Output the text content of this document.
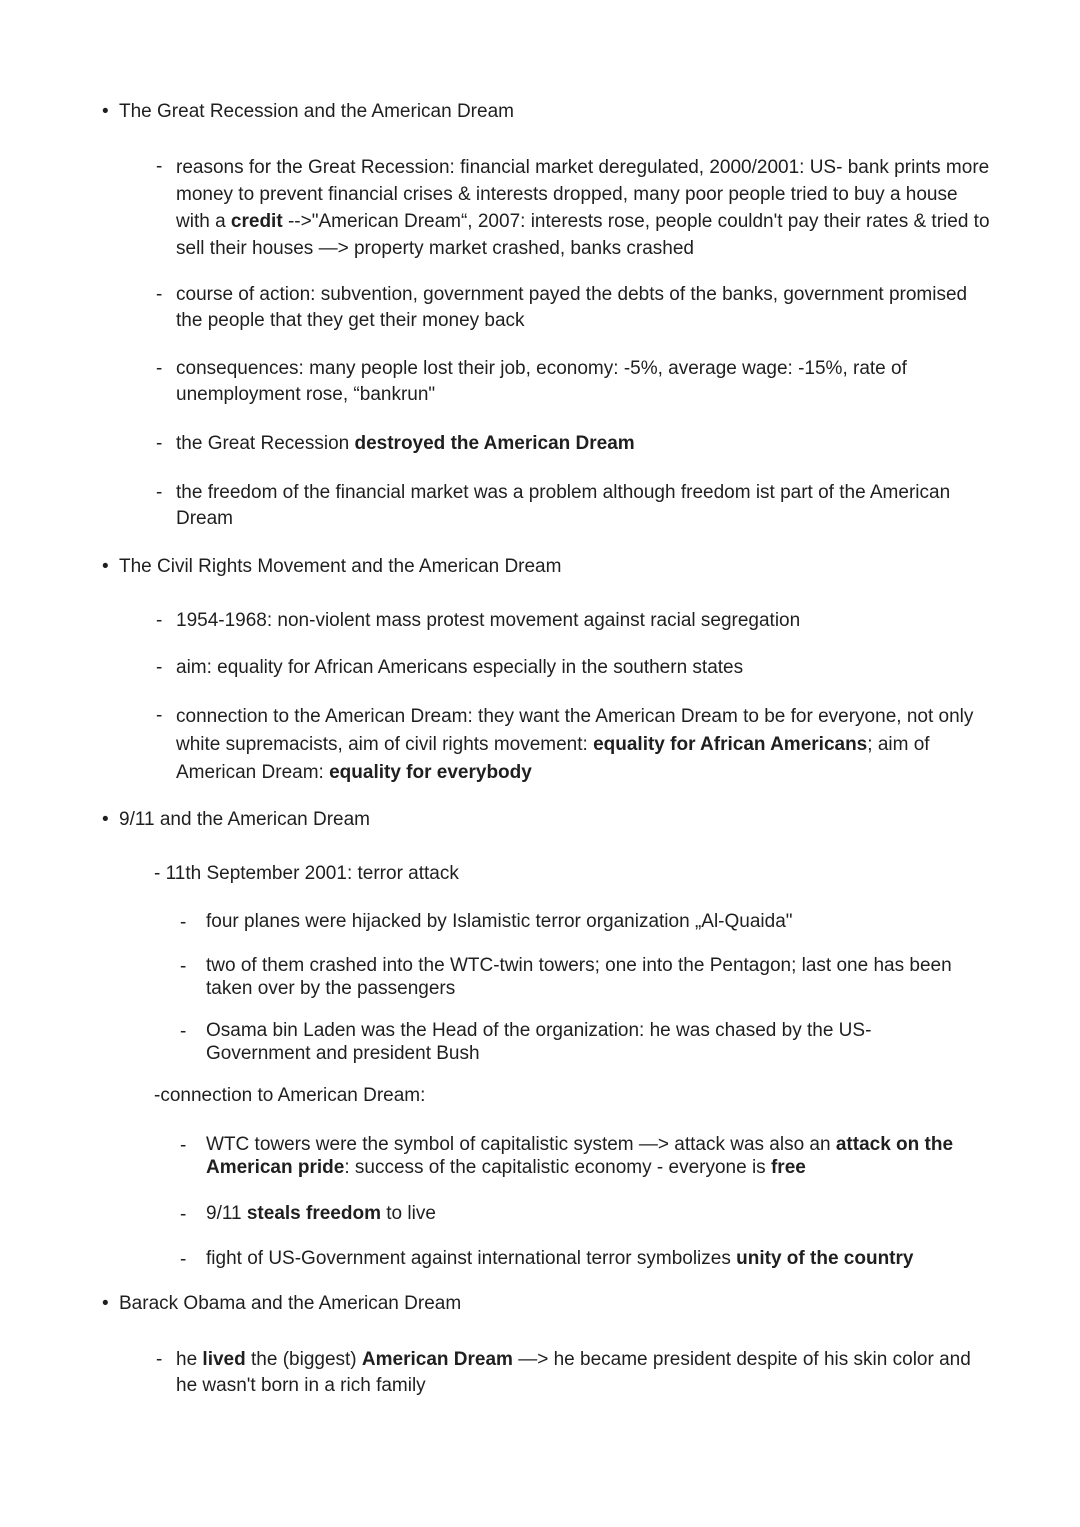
• The Great Recession and the American Dream
- reasons for the Great Recession: financial market deregulated, 2000/2001: US- bank prints more money to prevent financial crises & interests dropped, many poor people tried to buy a house with a credit -->"American Dream“, 2007: interests rose, people couldn't pay their rates & tried to sell their houses —> property market crashed, banks crashed
- course of action: subvention, government payed the debts of the banks, government promised the people that they get their money back
- consequences: many people lost their job, economy: -5%, average wage: -15%, rate of unemployment rose, “bankrun"
- the Great Recession destroyed the American Dream
- the freedom of the financial market was a problem although freedom ist part of the American Dream
• The Civil Rights Movement and the American Dream
- 1954-1968: non-violent mass protest movement against racial segregation
- aim: equality for African Americans especially in the southern states
- connection to the American Dream: they want the American Dream to be for everyone, not only white supremacists, aim of civil rights movement: equality for African Americans; aim of American Dream: equality for everybody
• 9/11 and the American Dream
- 11th September 2001: terror attack
- four planes were hijacked by Islamistic terror organization „Al-Quaida"
- two of them crashed into the WTC-twin towers; one into the Pentagon; last one has been taken over by the passengers
- Osama bin Laden was the Head of the organization: he was chased by the US-Government and president Bush
-connection to American Dream:
- WTC towers were the symbol of capitalistic system —> attack was also an attack on the American pride: success of the capitalistic economy - everyone is free
- 9/11 steals freedom to live
- fight of US-Government against international terror symbolizes unity of the country
• Barack Obama and the American Dream
- he lived the (biggest) American Dream —> he became president despite of his skin color and he wasn't born in a rich family
